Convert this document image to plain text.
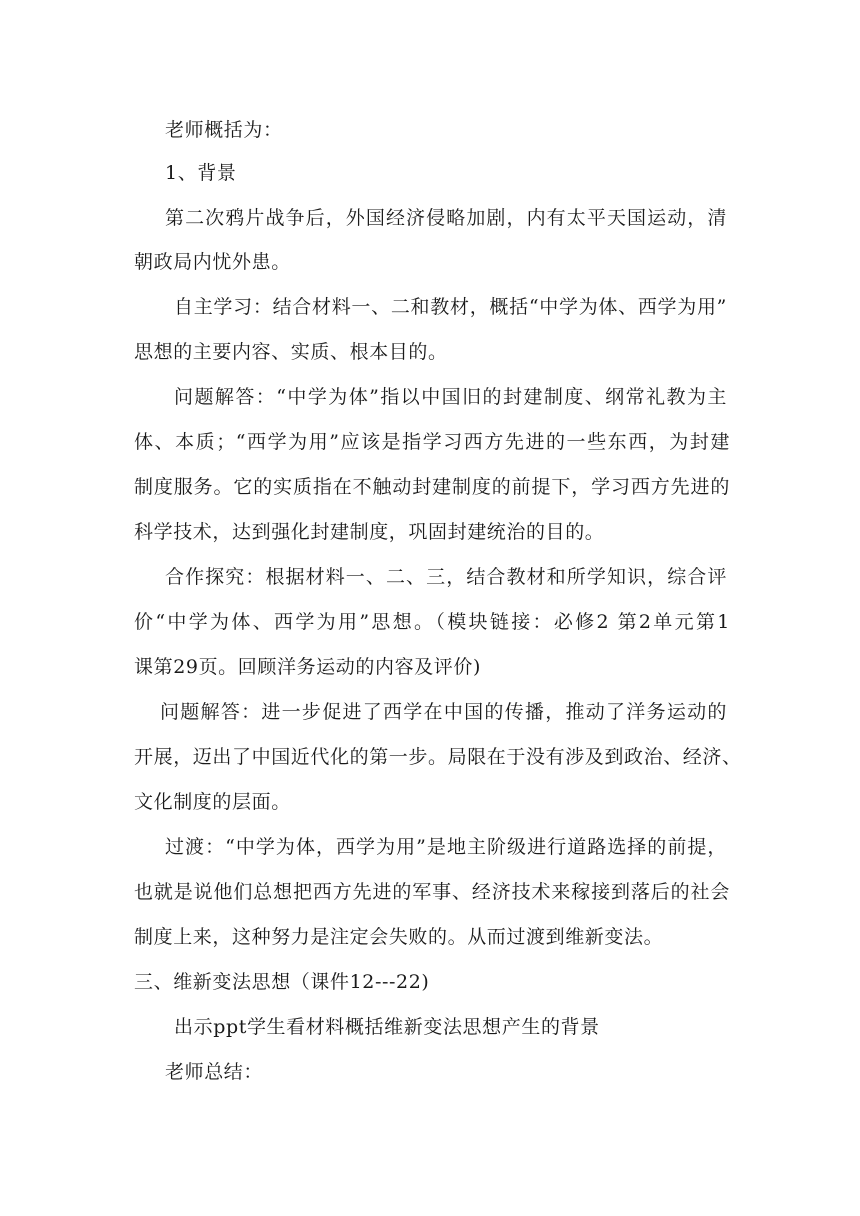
老师概括为：
1、背景
第二次鸦片战争后，外国经济侵略加剧，内有太平天国运动，清
朝政局内忧外患。
自主学习：结合材料一、二和教材，概括“中学为体、西学为用”
思想的主要内容、实质、根本目的。
问题解答：“中学为体”指以中国旧的封建制度、纲常礼教为主
体、本质；“西学为用”应该是指学习西方先进的一些东西，为封建
制度服务。它的实质指在不触动封建制度的前提下，学习西方先进的
科学技术，达到强化封建制度，巩固封建统治的目的。
合作探究：根据材料一、二、三，结合教材和所学知识，综合评
价“中学为体、西学为用”思想。（模块链接：必修2 第2单元第1
课第29页。回顾洋务运动的内容及评价)
问题解答：进一步促进了西学在中国的传播，推动了洋务运动的
开展，迈出了中国近代化的第一步。局限在于没有涉及到政治、经济、
文化制度的层面。
过渡：“中学为体，西学为用”是地主阶级进行道路选择的前提，
也就是说他们总想把西方先进的军事、经济技术来稼接到落后的社会
制度上来，这种努力是注定会失败的。从而过渡到维新变法。
三、维新变法思想（课件12---22)
出示ppt学生看材料概括维新变法思想产生的背景
老师总结：
